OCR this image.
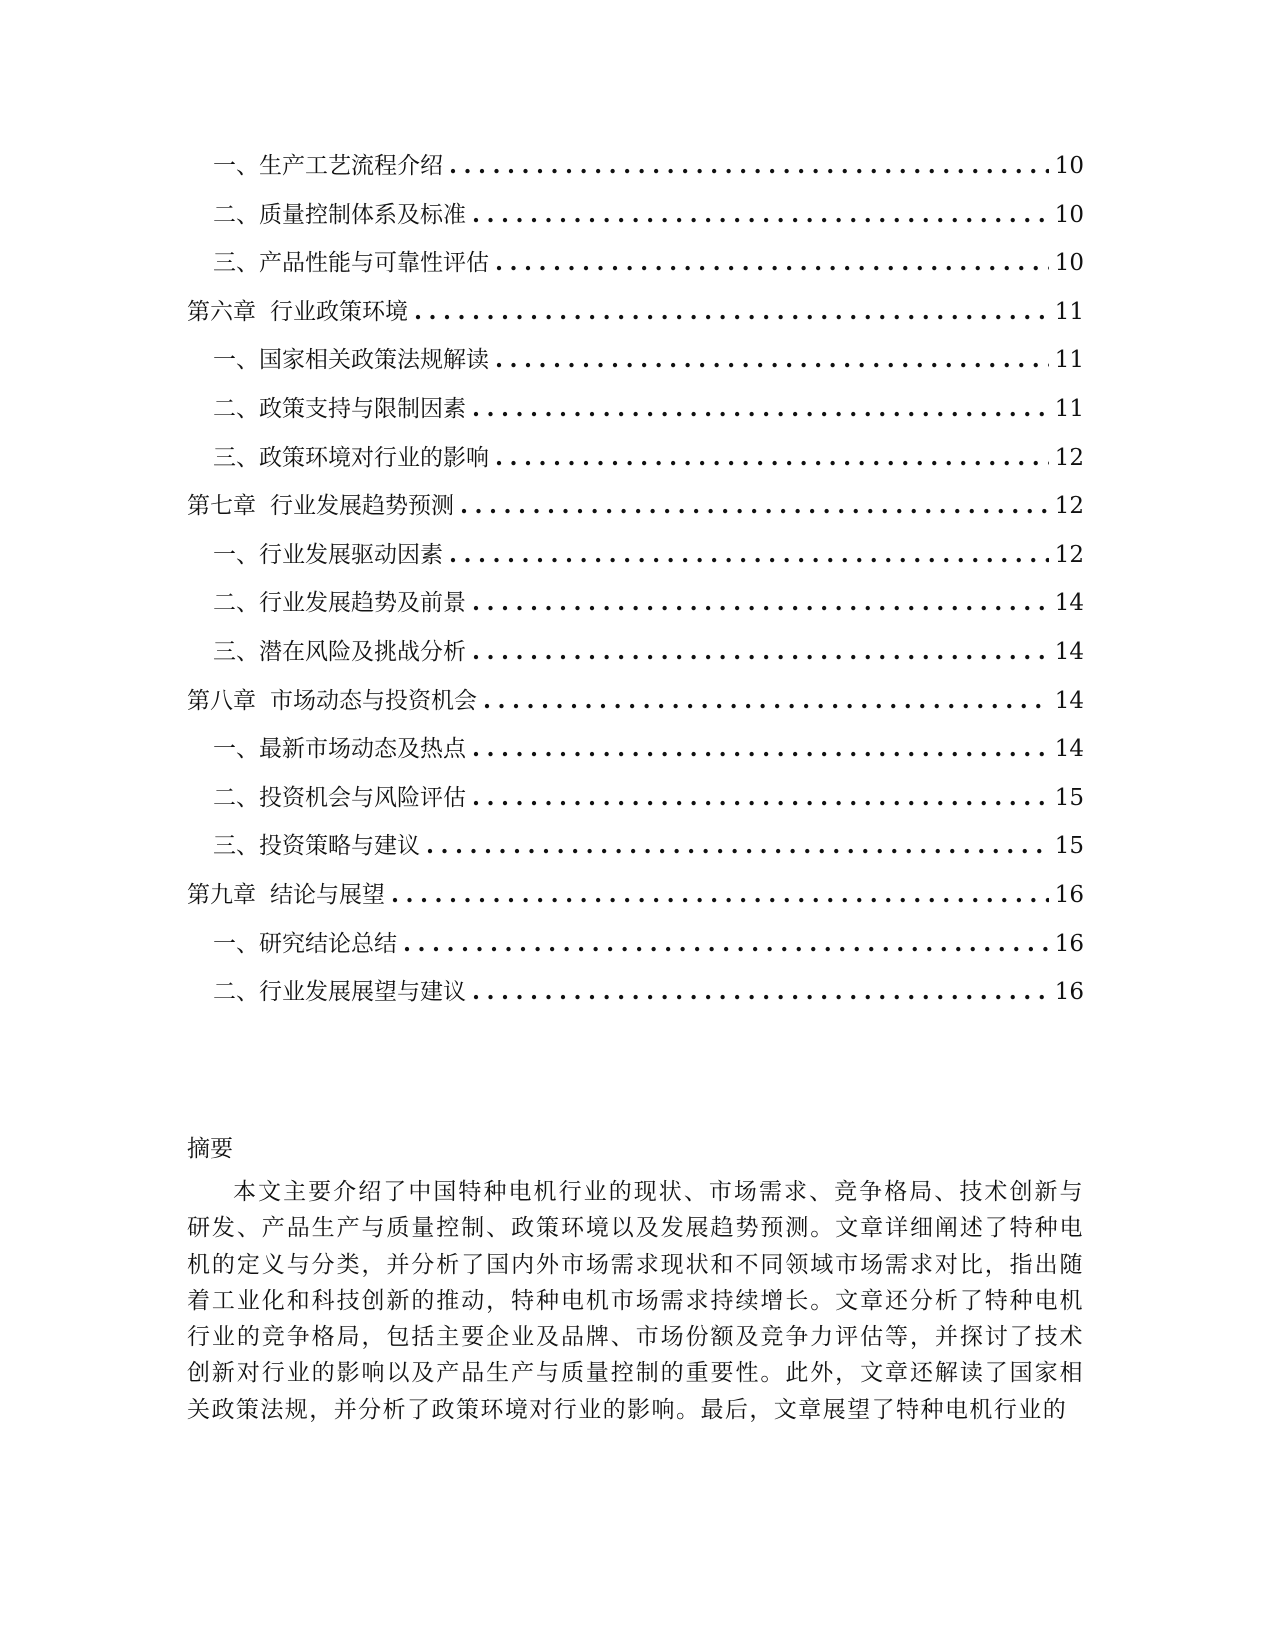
一、 生产工艺流程介绍 .....	10
二、 质量控制体系及标准 .....	10
三、 产品性能与可靠性评估 .....	10
第六章 行业政策环境 .....	11
一、 国家相关政策法规解读 .....	11
二、 政策支持与限制因素 .....	11
三、 政策环境对行业的影响 .....	12
第七章 行业发展趋势预测 .....	12
一、 行业发展驱动因素 .....	12
二、 行业发展趋势及前景 .....	14
三、 潜在风险及挑战分析 .....	14
第八章 市场动态与投资机会 .....	14
一、 最新市场动态及热点 .....	14
二、 投资机会与风险评估 .....	15
三、 投资策略与建议 .....	15
第九章 结论与展望 .....	16
一、 研究结论总结 .....	16
二、 行业发展展望与建议 .....	16
摘要

本文主要介绍了中国特种电机行业的现状、市场需求、竞争格局、技术创新与研发、产品生产与质量控制、政策环境以及发展趋势预测。文章详细阐述了特种电机的定义与分类，并分析了国内外市场需求现状和不同领域市场需求对比，指出随着工业化和科技创新的推动，特种电机市场需求持续增长。文章还分析了特种电机行业的竞争格局，包括主要企业及品牌、市场份额及竞争力评估等，并探讨了技术创新对行业的影响以及产品生产与质量控制的重要性。此外，文章还解读了国家相关政策法规，并分析了政策环境对行业的影响。最后，文章展望了特种电机行业的
